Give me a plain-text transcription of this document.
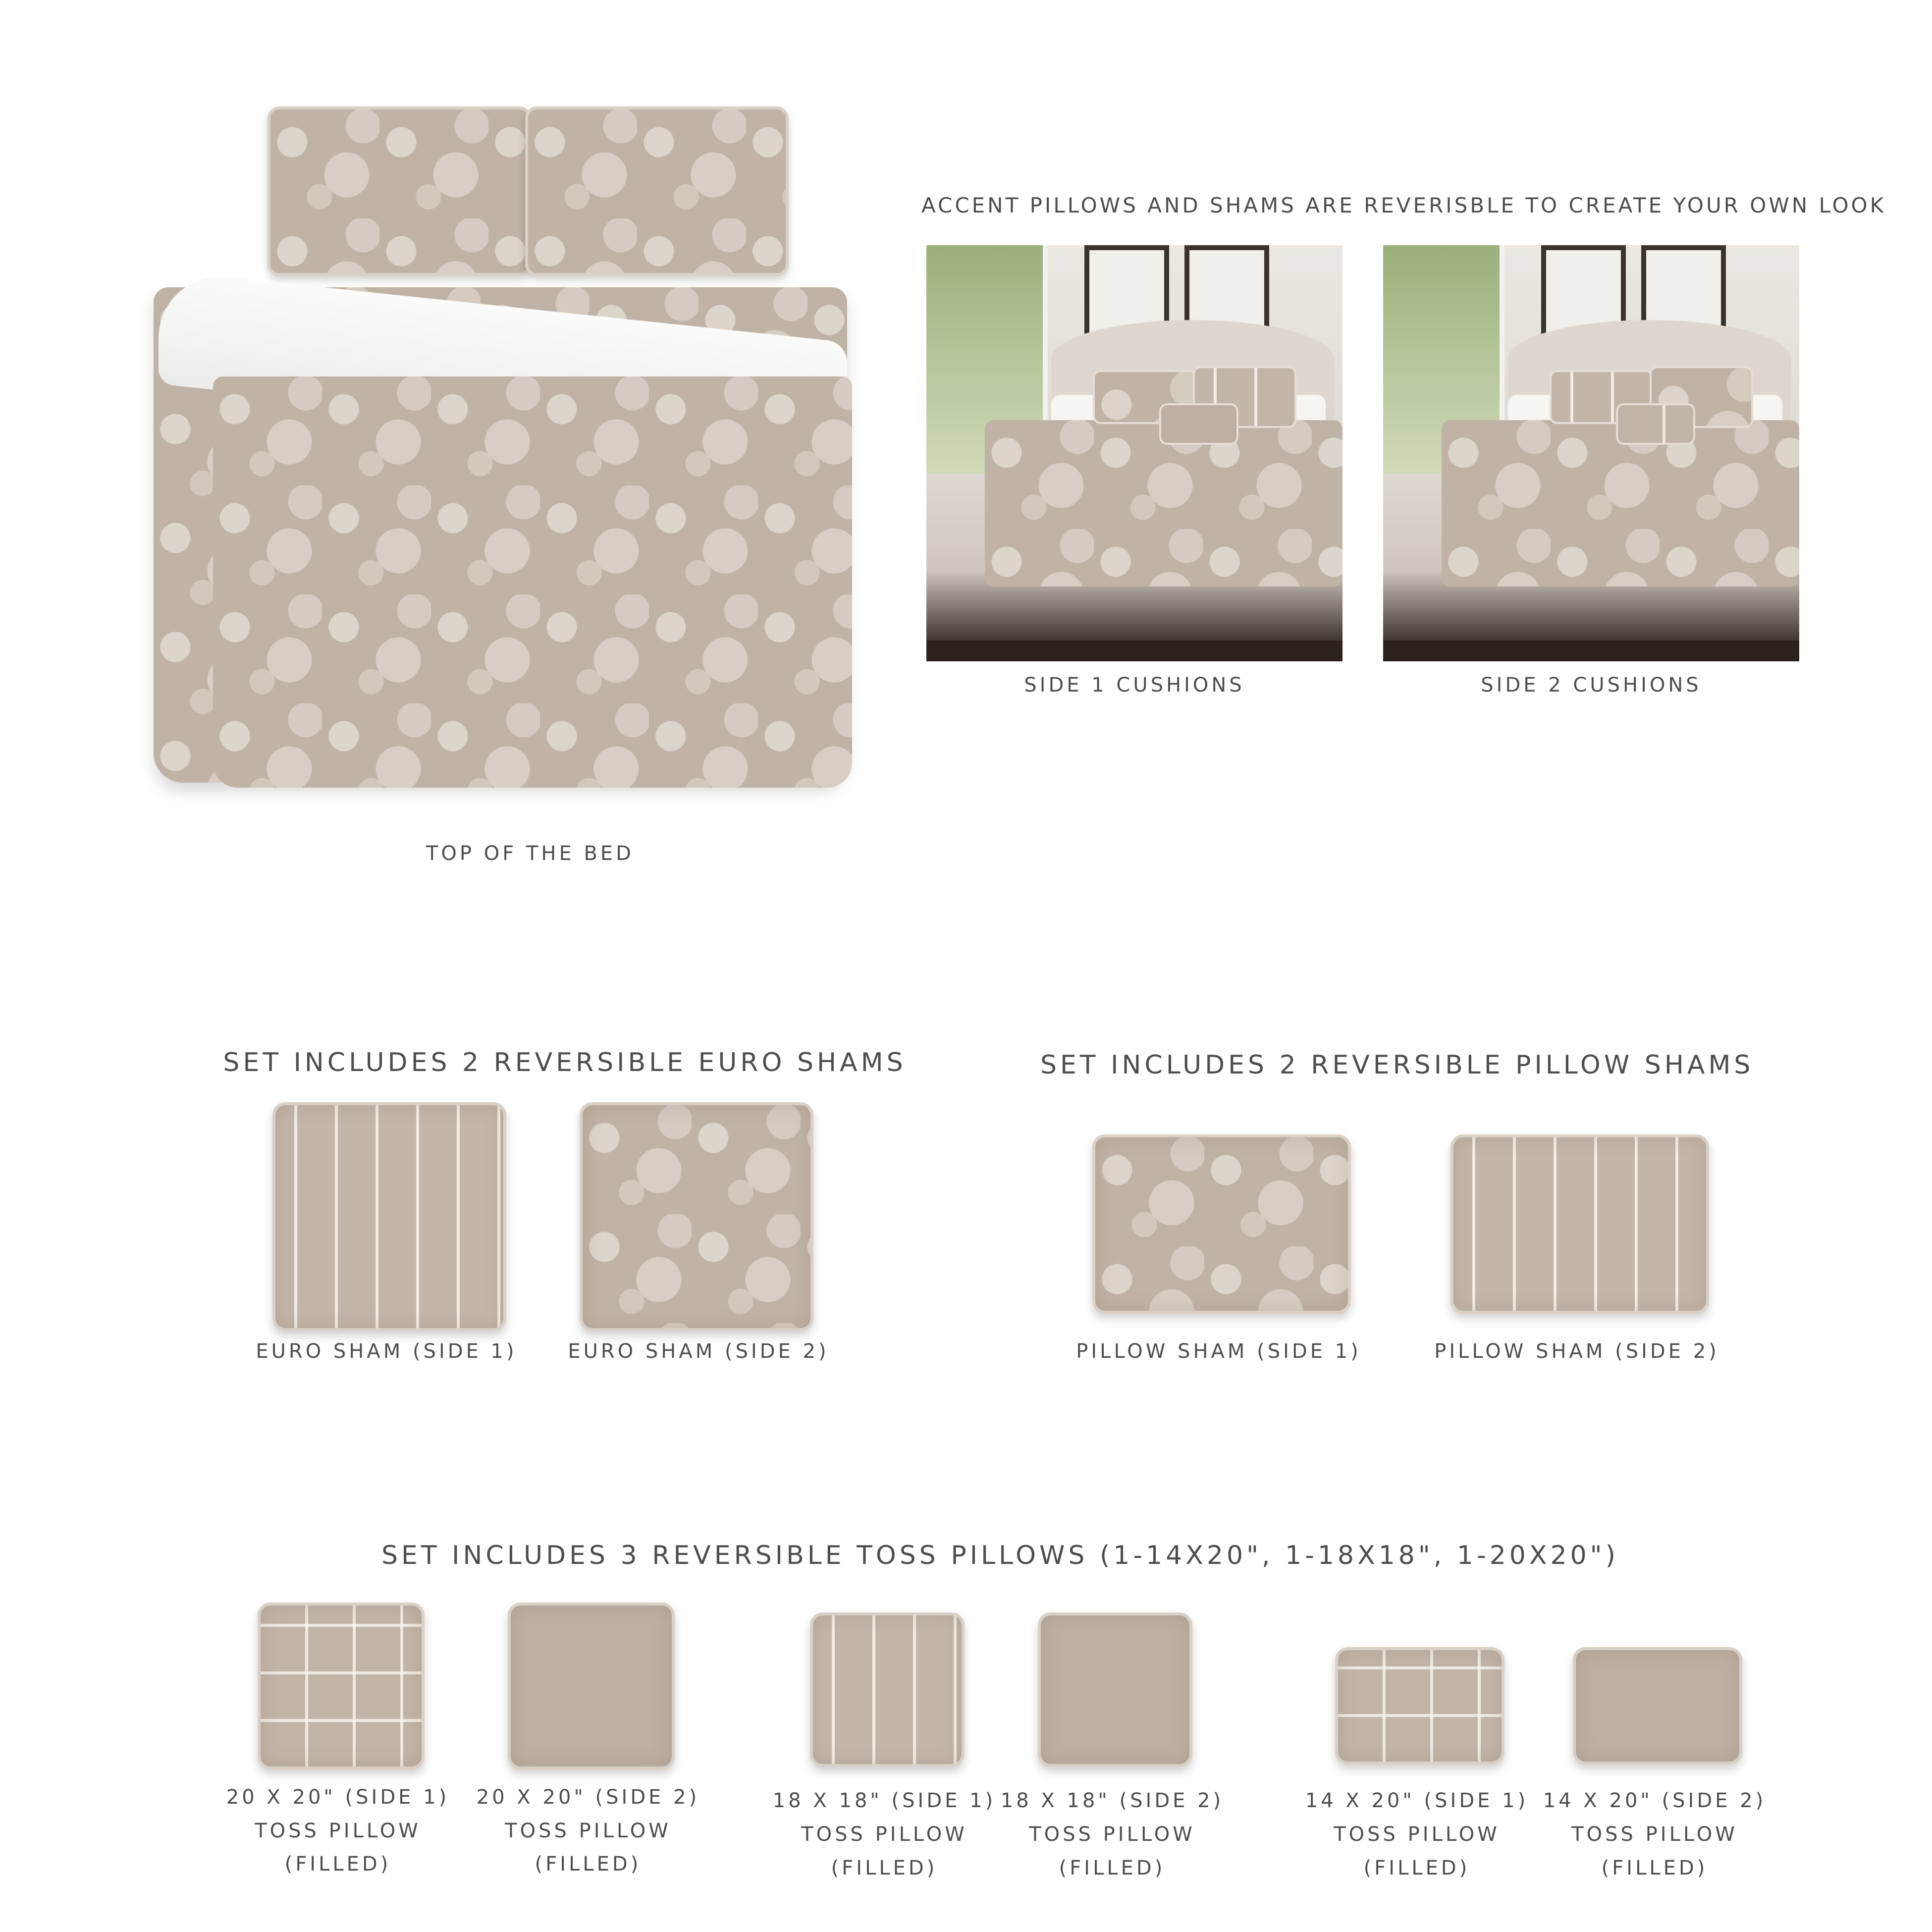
TOP OF THE BED
ACCENT PILLOWS AND SHAMS ARE REVERISBLE TO CREATE YOUR OWN LOOK
SIDE 1 CUSHIONS	SIDE 2 CUSHIONS
SET INCLUDES 2 REVERSIBLE EURO SHAMS
EURO SHAM (SIDE 1)	EURO SHAM (SIDE 2)
SET INCLUDES 2 REVERSIBLE PILLOW SHAMS
PILLOW SHAM (SIDE 1)	PILLOW SHAM (SIDE 2)
SET INCLUDES 3 REVERSIBLE TOSS PILLOWS (1-14X20", 1-18X18", 1-20X20")
20 X 20" (SIDE 1)
TOSS PILLOW
(FILLED)
20 X 20" (SIDE 2)
TOSS PILLOW
(FILLED)
18 X 18" (SIDE 1)
TOSS PILLOW
(FILLED)
18 X 18" (SIDE 2)
TOSS PILLOW
(FILLED)
14 X 20" (SIDE 1)
TOSS PILLOW
(FILLED)
14 X 20" (SIDE 2)
TOSS PILLOW
(FILLED)
